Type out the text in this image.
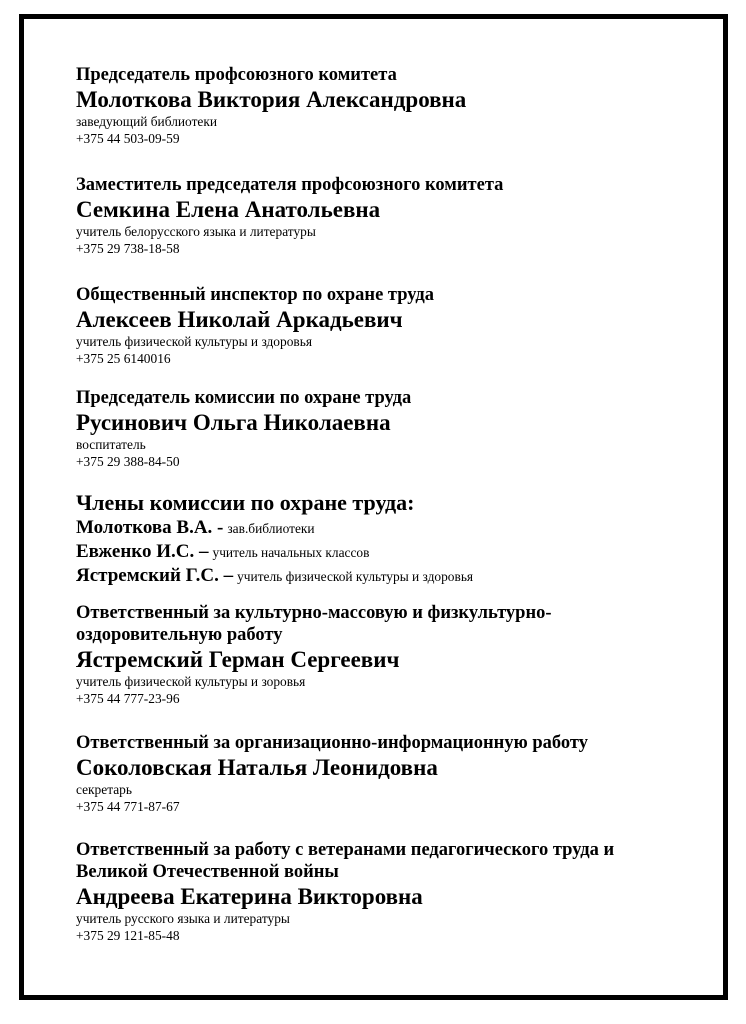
Председатель профсоюзного комитета

Молоткова Виктория Александровна

заведующий библиотеки

+375 44 503-09-59

Заместитель председателя профсоюзного комитета

Семкина Елена Анатольевна

учитель белорусского языка и литературы

+375 29 738-18-58

Общественный инспектор по охране труда

Алексеев Николай Аркадьевич

учитель физической культуры и здоровья

+375 25 6140016

Председатель комиссии по охране труда

Русинович Ольга Николаевна

воспитатель

+375 29 388-84-50

Члены комиссии по охране труда:

Молоткова В.А. - зав.библиотеки

Евженко И.С. – учитель начальных классов

Ястремский Г.С. – учитель физической культуры и здоровья

Ответственный за культурно-массовую и физкультурно-

оздоровительную работу

Ястремский Герман Сергеевич

учитель физической культуры и зоровья

+375 44 777-23-96

Ответственный за организационно-информационную работу

Соколовская Наталья Леонидовна

секретарь

+375 44 771-87-67

Ответственный за работу с ветеранами педагогического труда и

Великой Отечественной войны

Андреева Екатерина Викторовна

учитель русского языка и литературы

+375 29 121-85-48
